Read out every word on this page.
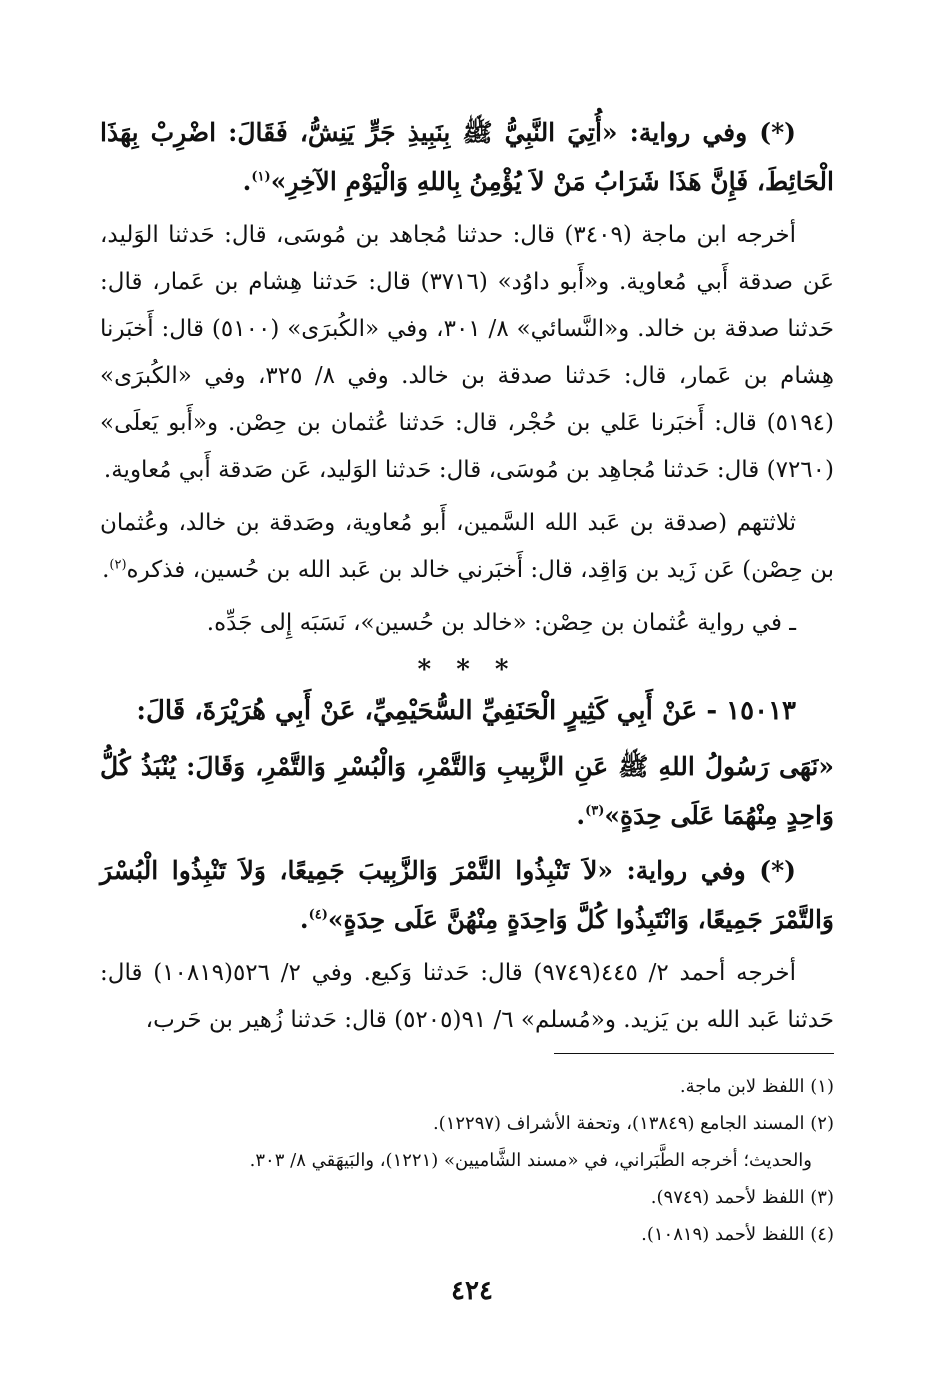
(*) وفي رواية: «أُتِيَ النَّبِيُّ ﷺ بِنَبِيذِ جَرٍّ يَنِشُّ، فَقَالَ: اضْرِبْ بِهَذَا الْحَائِطَ، فَإِنَّ هَذَا شَرَابُ مَنْ لاَ يُؤْمِنُ بِاللهِ وَالْيَوْمِ الآخِرِ»$^{(١)}$.

أخرجه ابن ماجة (٣٤٠٩) قال: حدثنا مُجاهد بن مُوسَى، قال: حَدثنا الوَليد، عَن صدقة أَبي مُعاوية. و«أَبو داوُد» (٣٧١٦) قال: حَدثنا هِشام بن عَمار، قال: حَدثنا صدقة بن خالد. و«النَّسائي» ٨/ ٣٠١، وفي «الكُبرَى» (٥١٠٠) قال: أَخبَرنا هِشام بن عَمار، قال: حَدثنا صدقة بن خالد. وفي ٨/ ٣٢٥، وفي «الكُبرَى» (٥١٩٤) قال: أَخبَرنا عَلي بن حُجْر، قال: حَدثنا عُثمان بن حِصْن. و«أَبو يَعلَى» (٧٢٦٠) قال: حَدثنا مُجاهِد بن مُوسَى، قال: حَدثنا الوَليد، عَن صَدقة أَبي مُعاوية.

ثلاثتهم (صدقة بن عَبد الله السَّمين، أَبو مُعاوية، وصَدقة بن خالد، وعُثمان بن حِصْن) عَن زَيد بن وَاقِد، قال: أَخبَرني خالد بن عَبد الله بن حُسين، فذكره$^{(٢)}$.

ـ في رواية عُثمان بن حِصْن: «خالد بن حُسين»، نَسَبَه إِلى جَدِّه.

* * *

١٥٠١٣ - عَنْ أَبِي كَثِيرٍ الْحَنَفِيِّ السُّحَيْمِيِّ، عَنْ أَبِي هُرَيْرَةَ، قَالَ:

«نَهَى رَسُولُ اللهِ ﷺ عَنِ الزَّبِيبِ وَالتَّمْرِ، وَالْبُسْرِ وَالتَّمْرِ، وَقَالَ: يُنْبَذُ كُلُّ وَاحِدٍ مِنْهُمَا عَلَى حِدَةٍ»$^{(٣)}$.

(*) وفي رواية: «لاَ تَنْبِذُوا التَّمْرَ وَالزَّبِيبَ جَمِيعًا، وَلاَ تَنْبِذُوا الْبُسْرَ وَالتَّمْرَ جَمِيعًا، وَانْتَبِذُوا كُلَّ وَاحِدَةٍ مِنْهُنَّ عَلَى حِدَةٍ»$^{(٤)}$.

أخرجه أحمد ٢/ ٤٤٥(٩٧٤٩) قال: حَدثنا وَكيع. وفي ٢/ ٥٢٦(١٠٨١٩) قال: حَدثنا عَبد الله بن يَزيد. و«مُسلم» ٦/ ٩١(٥٢٠٥) قال: حَدثنا زُهير بن حَرب،

(١) اللفظ لابن ماجة.

(٢) المسند الجامع (١٣٨٤٩)، وتحفة الأشراف (١٢٢٩٧).

والحديث؛ أخرجه الطَّبَراني، في «مسند الشَّاميين» (١٢٢١)، والبَيهَقي ٨/ ٣٠٣.

(٣) اللفظ لأحمد (٩٧٤٩).

(٤) اللفظ لأحمد (١٠٨١٩).

٤٢٤
